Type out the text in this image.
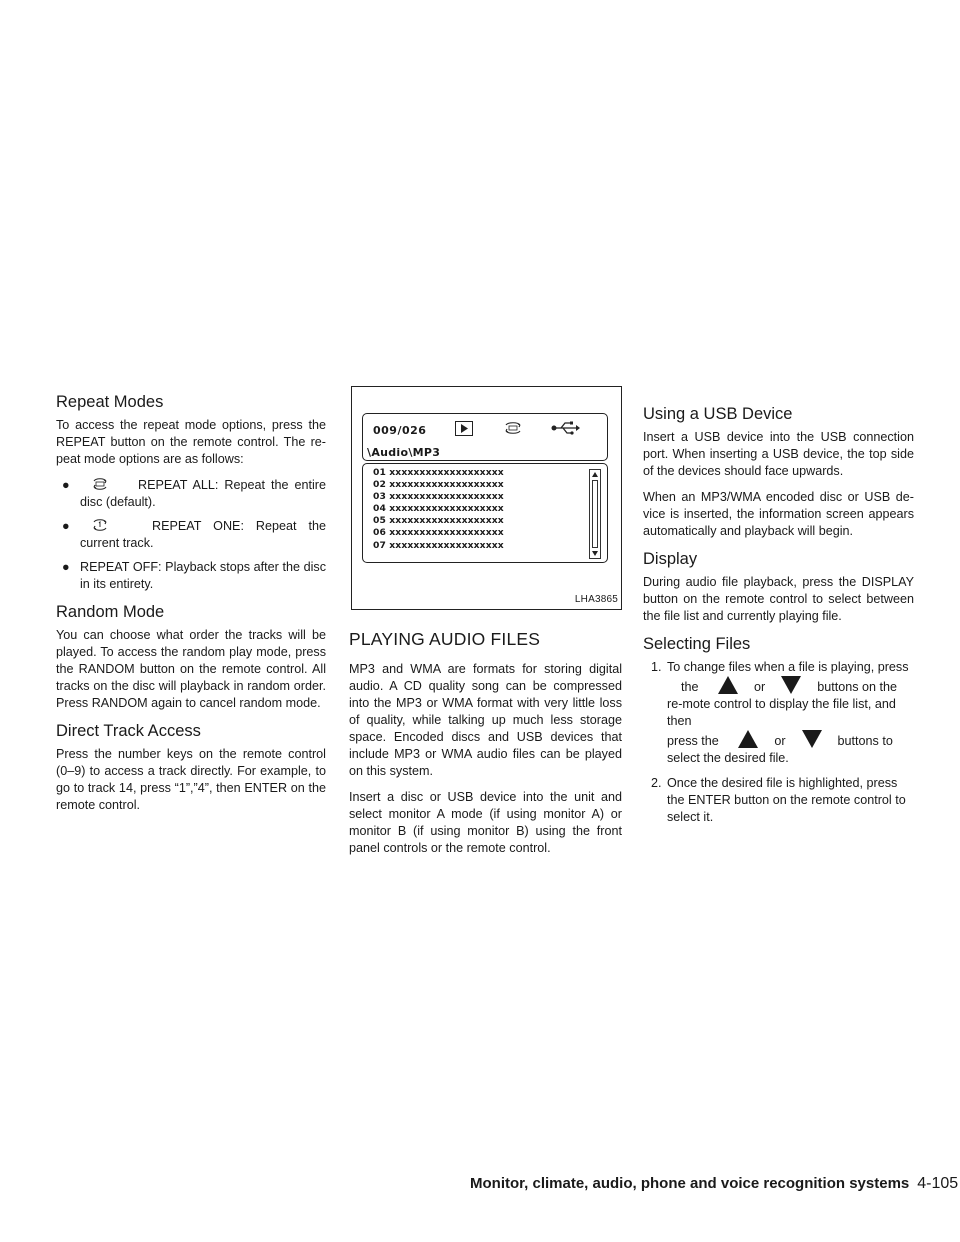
Repeat Modes

To access the repeat mode options, press the REPEAT button on the remote control. The re-peat mode options are as follows:

●	REPEAT ALL: Repeat the entire disc (default).
●	REPEAT ONE: Repeat the current track.
● REPEAT OFF: Playback stops after the disc in its entirety.
Random Mode

You can choose what order the tracks will be played. To access the random play mode, press the RANDOM button on the remote control. All tracks on the disc will playback in random order. Press RANDOM again to cancel random mode.

Direct Track Access

Press the number keys on the remote control (0–9) to access a track directly. For example, to go to track 14, press “1”,”4”, then ENTER on the remote control.

009/026
\Audio\MP3
01 xxxxxxxxxxxxxxxxxxx
02 xxxxxxxxxxxxxxxxxxx
03 xxxxxxxxxxxxxxxxxxx
04 xxxxxxxxxxxxxxxxxxx
05 xxxxxxxxxxxxxxxxxxx
06 xxxxxxxxxxxxxxxxxxx
07 xxxxxxxxxxxxxxxxxxx
LHA3865
PLAYING AUDIO FILES

MP3 and WMA are formats for storing digital audio. A CD quality song can be compressed into the MP3 or WMA format with very little loss of quality, while talking up much less storage space. Encoded discs and USB devices that include MP3 or WMA audio files can be played on this system.

Insert a disc or USB device into the unit and select monitor A mode (if using monitor A) or monitor B (if using monitor B) using the front panel controls or the remote control.

Using a USB Device

Insert a USB device into the USB connection port. When inserting a USB device, the top side of the devices should face upwards.

When an MP3/WMA encoded disc or USB de-vice is inserted, the information screen appears automatically and playback will begin.

Display

During audio file playback, press the DISPLAY button on the remote control to select between the file list and currently playing file.

Selecting Files
1. To change files when a file is playing, press
the	or	buttons on the re-mote control to display the file list, and then
press the	or	buttons to
select the desired file.
2. Once the desired file is highlighted, press the ENTER button on the remote control to select it.
Monitor, climate, audio, phone and voice recognition systems 4-105
